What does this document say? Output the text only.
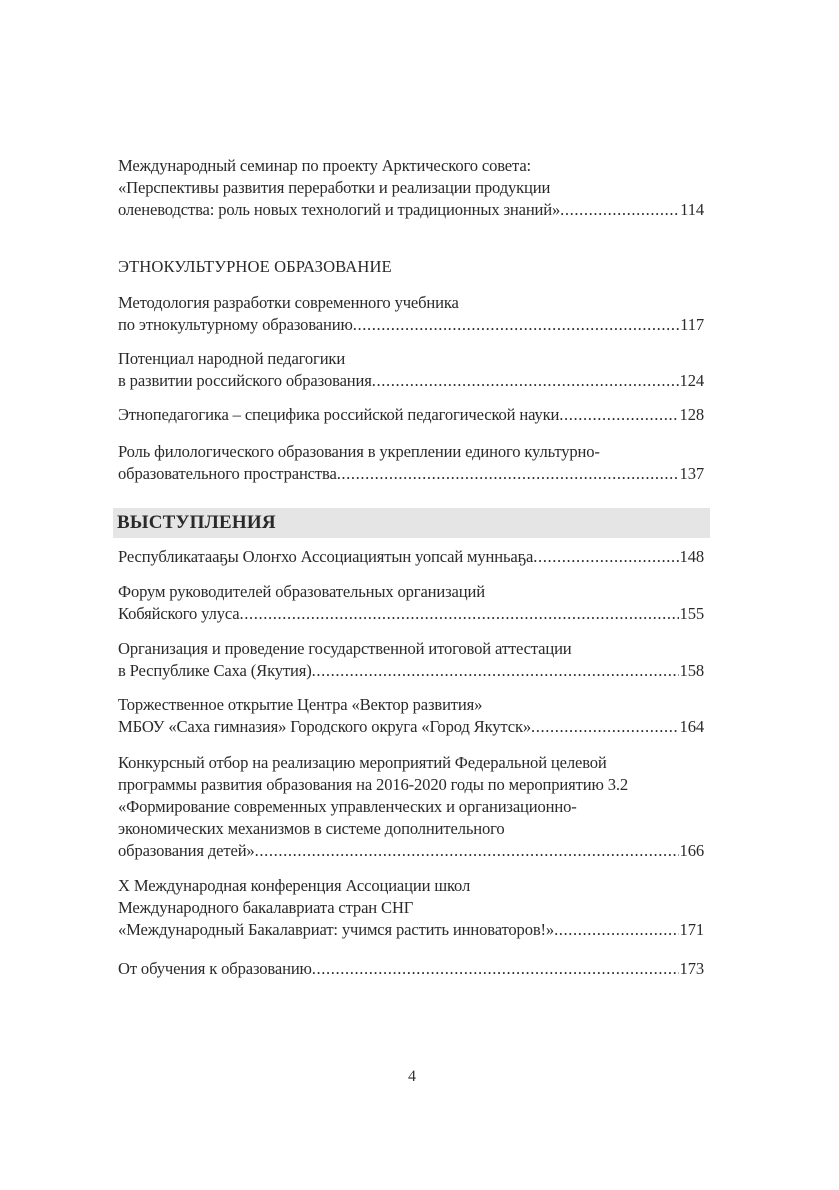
Международный семинар по проекту Арктического совета:
«Перспективы развития переработки и реализации продукции
оленеводства: роль новых технологий и традиционных знаний» .....	114
ЭТНОКУЛЬТУРНОЕ ОБРАЗОВАНИЕ
Методология разработки современного учебника
по этнокультурному образованию .....	117
Потенциал народной педагогики
в развитии российского образования .....	124
Этнопедагогика – специфика российской педагогической науки .....	128
Роль филологического образования в укреплении единого культурно-
образовательного пространства .....	137
ВЫСТУПЛЕНИЯ
Республикатааҕы Олоҥхо Ассоциациятын уопсай мунньаҕа .....	148
Форум руководителей образовательных организаций
Кобяйского улуса .....	155
Организация и проведение государственной итоговой аттестации
в Республике Саха (Якутия) .....	158
Торжественное открытие Центра «Вектор развития»
МБОУ «Саха гимназия» Городского округа «Город Якутск» .....	164
Конкурсный отбор на реализацию мероприятий Федеральной целевой
программы развития образования на 2016-2020 годы по мероприятию 3.2
«Формирование современных управленческих и организационно-
экономических механизмов в системе дополнительного
образования детей» .....	166
X Международная конференция Ассоциации школ
Международного бакалавриата стран СНГ
«Международный Бакалавриат: учимся растить инноваторов!» .....	171
От обучения к образованию .....	173
4
